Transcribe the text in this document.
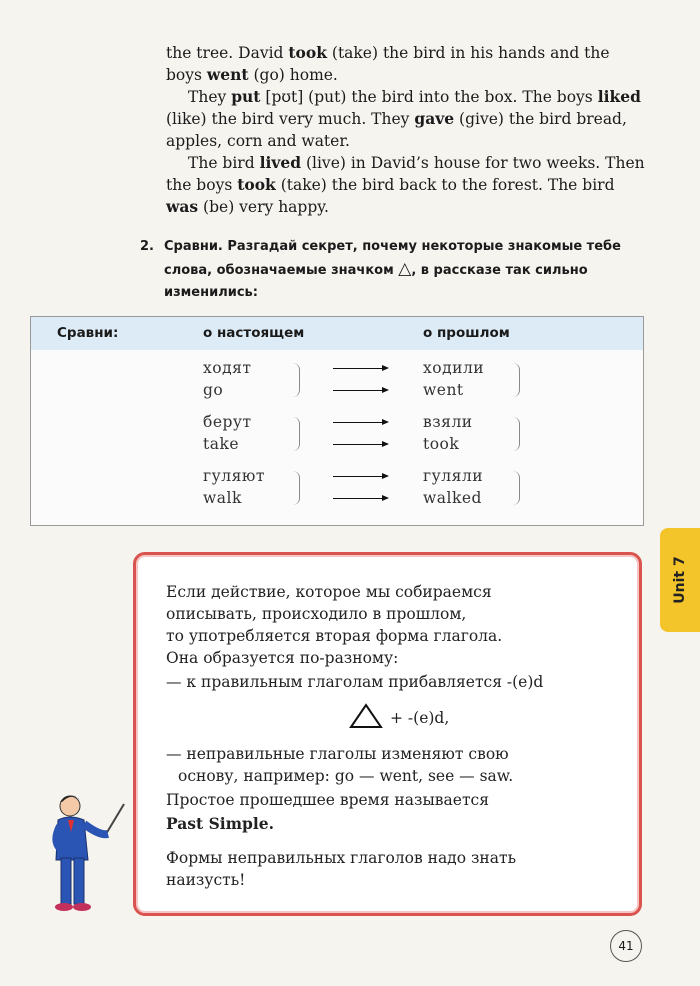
the tree. David took (take) the bird in his hands and the boys went (go) home.

They put [pʊt] (put) the bird into the box. The boys liked (like) the bird very much. They gave (give) the bird bread, apples, corn and water.

The bird lived (live) in David’s house for two weeks. Then the boys took (take) the bird back to the forest. The bird was (be) very happy.

2. Сравни. Разгадай секрет, почему некоторые знакомые тебе слова, обозначаемые значком △, в рассказе так сильно изменились:
Сравни:	о настоящем	о прошлом
ходят
go
ходили
went
берут
take
взяли
took
гуляют
walk
гуляли
walked
Если действие, которое мы собираемся
описывать, происходило в прошлом,
то употребляется вторая форма глагола.
Она образуется по-разному:
— к правильным глаголам прибавляется -(e)d
+ -(e)d,
— неправильные глаголы изменяют свою
основу, например: go — went, see — saw.
Простое прошедшее время называется
Past Simple.
Формы неправильных глаголов надо знать
наизусть!
Unit 7
41
